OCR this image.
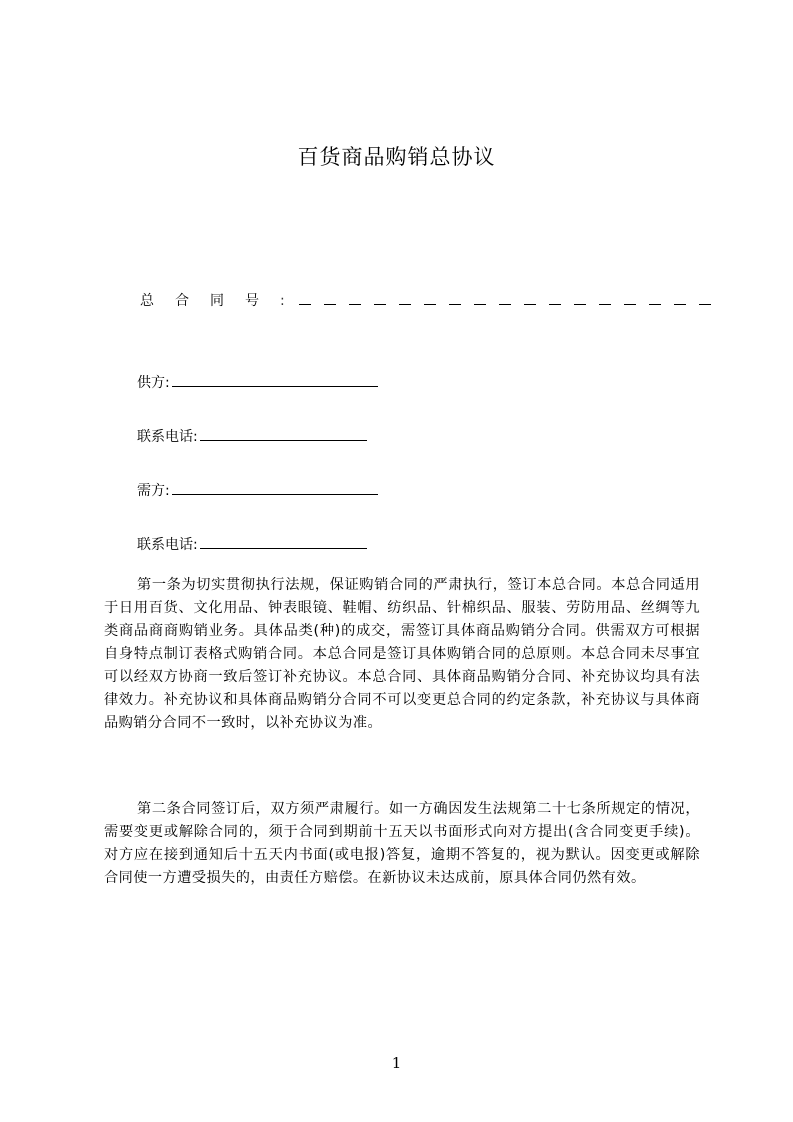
百货商品购销总协议
总 合 同 号 :
供方:
联系电话:
需方:
联系电话:

第一条为切实贯彻执行法规，保证购销合同的严肃执行，签订本总合同。本总合同适用于日用百货、文化用品、钟表眼镜、鞋帽、纺织品、针棉织品、服装、劳防用品、丝绸等九类商品商商购销业务。具体品类(种)的成交，需签订具体商品购销分合同。供需双方可根据自身特点制订表格式购销合同。本总合同是签订具体购销合同的总原则。本总合同未尽事宜可以经双方协商一致后签订补充协议。本总合同、具体商品购销分合同、补充协议均具有法律效力。补充协议和具体商品购销分合同不可以变更总合同的约定条款，补充协议与具体商品购销分合同不一致时，以补充协议为准。

第二条合同签订后，双方须严肃履行。如一方确因发生法规第二十七条所规定的情况，需要变更或解除合同的，须于合同到期前十五天以书面形式向对方提出(含合同变更手续)。对方应在接到通知后十五天内书面(或电报)答复，逾期不答复的，视为默认。因变更或解除合同使一方遭受损失的，由责任方赔偿。在新协议未达成前，原具体合同仍然有效。

1
